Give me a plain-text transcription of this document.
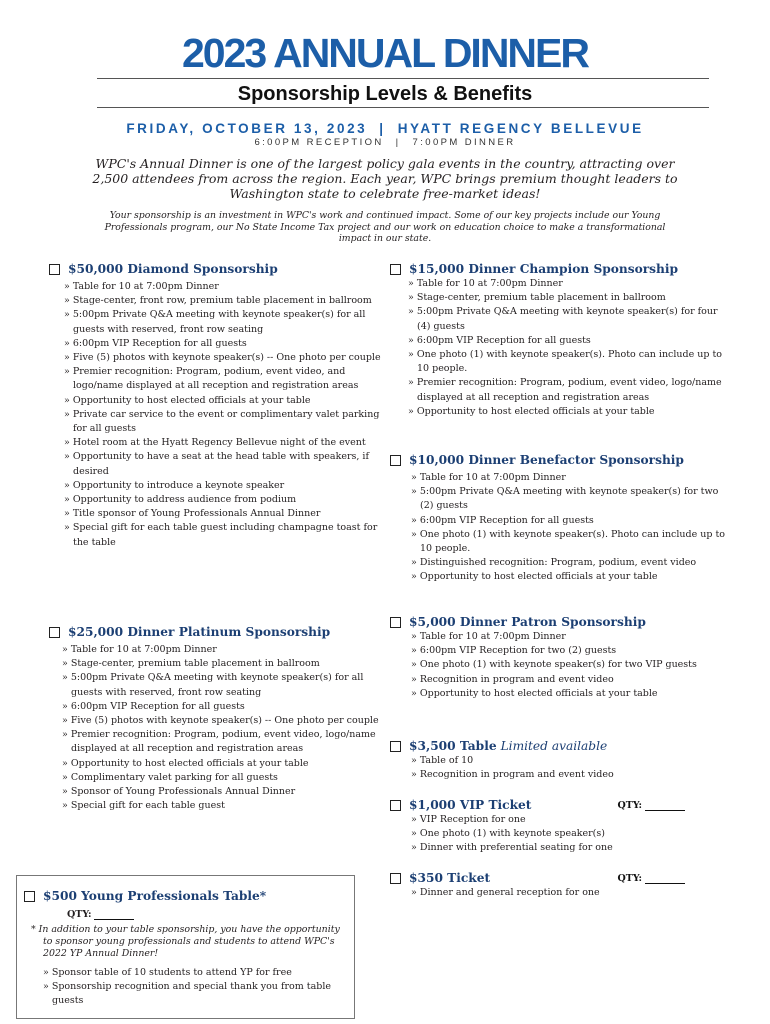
2023 ANNUAL DINNER
Sponsorship Levels & Benefits
FRIDAY, OCTOBER 13, 2023 | HYATT REGENCY BELLEVUE
6:00PM RECEPTION | 7:00PM DINNER
WPC's Annual Dinner is one of the largest policy gala events in the country, attracting over 2,500 attendees from across the region. Each year, WPC brings premium thought leaders to Washington state to celebrate free-market ideas!
Your sponsorship is an investment in WPC's work and continued impact. Some of our key projects include our Young Professionals program, our No State Income Tax project and our work on education choice to make a transformational impact in our state.
$50,000 Diamond Sponsorship
» Table for 10 at 7:00pm Dinner
» Stage-center, front row, premium table placement in ballroom
» 5:00pm Private Q&A meeting with keynote speaker(s) for all guests with reserved, front row seating
» 6:00pm VIP Reception for all guests
» Five (5) photos with keynote speaker(s) -- One photo per couple
» Premier recognition: Program, podium, event video, and logo/name displayed at all reception and registration areas
» Opportunity to host elected officials at your table
» Private car service to the event or complimentary valet parking for all guests
» Hotel room at the Hyatt Regency Bellevue night of the event
» Opportunity to have a seat at the head table with speakers, if desired
» Opportunity to introduce a keynote speaker
» Opportunity to address audience from podium
» Title sponsor of Young Professionals Annual Dinner
» Special gift for each table guest including champagne toast for the table
$25,000 Dinner Platinum Sponsorship
» Table for 10 at 7:00pm Dinner
» Stage-center, premium table placement in ballroom
» 5:00pm Private Q&A meeting with keynote speaker(s) for all guests with reserved, front row seating
» 6:00pm VIP Reception for all guests
» Five (5) photos with keynote speaker(s) -- One photo per couple
» Premier recognition: Program, podium, event video, logo/name displayed at all reception and registration areas
» Opportunity to host elected officials at your table
» Complimentary valet parking for all guests
» Sponsor of Young Professionals Annual Dinner
» Special gift for each table guest
$500 Young Professionals Table*
QTY:
* In addition to your table sponsorship, you have the opportunity to sponsor young professionals and students to attend WPC's 2022 YP Annual Dinner!
» Sponsor table of 10 students to attend YP for free
» Sponsorship recognition and special thank you from table guests
$15,000 Dinner Champion Sponsorship
» Table for 10 at 7:00pm Dinner
» Stage-center, premium table placement in ballroom
» 5:00pm Private Q&A meeting with keynote speaker(s) for four (4) guests
» 6:00pm VIP Reception for all guests
» One photo (1) with keynote speaker(s). Photo can include up to 10 people.
» Premier recognition: Program, podium, event video, logo/name displayed at all reception and registration areas
» Opportunity to host elected officials at your table
$10,000 Dinner Benefactor Sponsorship
» Table for 10 at 7:00pm Dinner
» 5:00pm Private Q&A meeting with keynote speaker(s) for two (2) guests
» 6:00pm VIP Reception for all guests
» One photo (1) with keynote speaker(s). Photo can include up to 10 people.
» Distinguished recognition: Program, podium, event video
» Opportunity to host elected officials at your table
$5,000 Dinner Patron Sponsorship
» Table for 10 at 7:00pm Dinner
» 6:00pm VIP Reception for two (2) guests
» One photo (1) with keynote speaker(s) for two VIP guests
» Recognition in program and event video
» Opportunity to host elected officials at your table
$3,500 Table Limited available
» Table of 10
» Recognition in program and event video
$1,000 VIP Ticket	QTY:
» VIP Reception for one
» One photo (1) with keynote speaker(s)
» Dinner with preferential seating for one
$350 Ticket	QTY:
» Dinner and general reception for one
